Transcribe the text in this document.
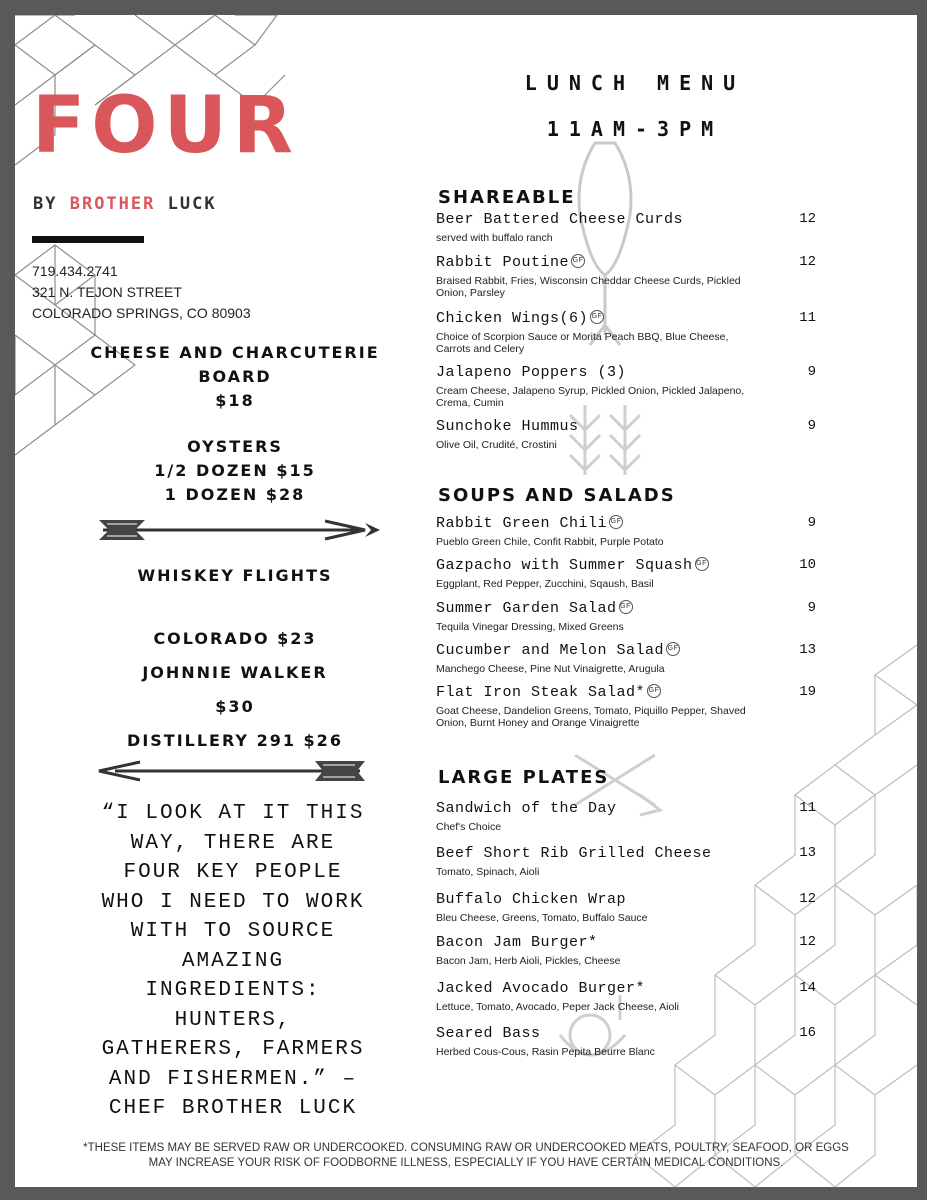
FOUR
BY BROTHER LUCK
719.434.2741
321 N. TEJON STREET
COLORADO SPRINGS, CO 80903
CHEESE AND CHARCUTERIE
BOARD
$18
OYSTERS
1/2 DOZEN $15
1 DOZEN $28
WHISKEY FLIGHTS
COLORADO $23
JOHNNIE WALKER
$30
DISTILLERY 291 $26
“I LOOK AT IT THIS
WAY, THERE ARE
FOUR KEY PEOPLE
WHO I NEED TO WORK
WITH TO SOURCE
AMAZING
INGREDIENTS:
HUNTERS,
GATHERERS, FARMERS
AND FISHERMEN.” –
CHEF BROTHER LUCK
LUNCH MENU
11AM-3PM
SHAREABLE
Beer Battered Cheese Curds	12
served with buffalo ranch
Rabbit Poutine GF	12
Braised Rabbit, Fries, Wisconsin Cheddar Cheese Curds, Pickled Onion, Parsley
Chicken Wings(6) GF	11
Choice of Scorpion Sauce or Morita Peach BBQ, Blue Cheese, Carrots and Celery
Jalapeno Poppers (3)	9
Cream Cheese, Jalapeno Syrup, Pickled Onion, Pickled Jalapeno, Crema, Cumin
Sunchoke Hummus	9
Olive Oil, Crudité, Crostini
SOUPS AND SALADS
Rabbit Green Chili GF	9
Pueblo Green Chile, Confit Rabbit, Purple Potato
Gazpacho with Summer Squash GF	10
Eggplant, Red Pepper, Zucchini, Sqaush, Basil
Summer Garden Salad GF	9
Tequila Vinegar Dressing, Mixed Greens
Cucumber and Melon Salad GF	13
Manchego Cheese, Pine Nut Vinaigrette, Arugula
Flat Iron Steak Salad* GF	19
Goat Cheese, Dandelion Greens, Tomato, Piquillo Pepper, Shaved Onion, Burnt Honey and Orange Vinaigrette
LARGE PLATES
Sandwich of the Day	11
Chef's Choice
Beef Short Rib Grilled Cheese	13
Tomato, Spinach, Aioli
Buffalo Chicken Wrap	12
Bleu Cheese, Greens, Tomato, Buffalo Sauce
Bacon Jam Burger*	12
Bacon Jam, Herb Aioli, Pickles, Cheese
Jacked Avocado Burger*	14
Lettuce, Tomato, Avocado, Peper Jack Cheese, Aioli
Seared Bass	16
Herbed Cous-Cous, Rasin Pepita Beurre Blanc
*THESE ITEMS MAY BE SERVED RAW OR UNDERCOOKED. CONSUMING RAW OR UNDERCOOKED MEATS, POULTRY, SEAFOOD, OR EGGS
MAY INCREASE YOUR RISK OF FOODBORNE ILLNESS, ESPECIALLY IF YOU HAVE CERTAIN MEDICAL CONDITIONS.
